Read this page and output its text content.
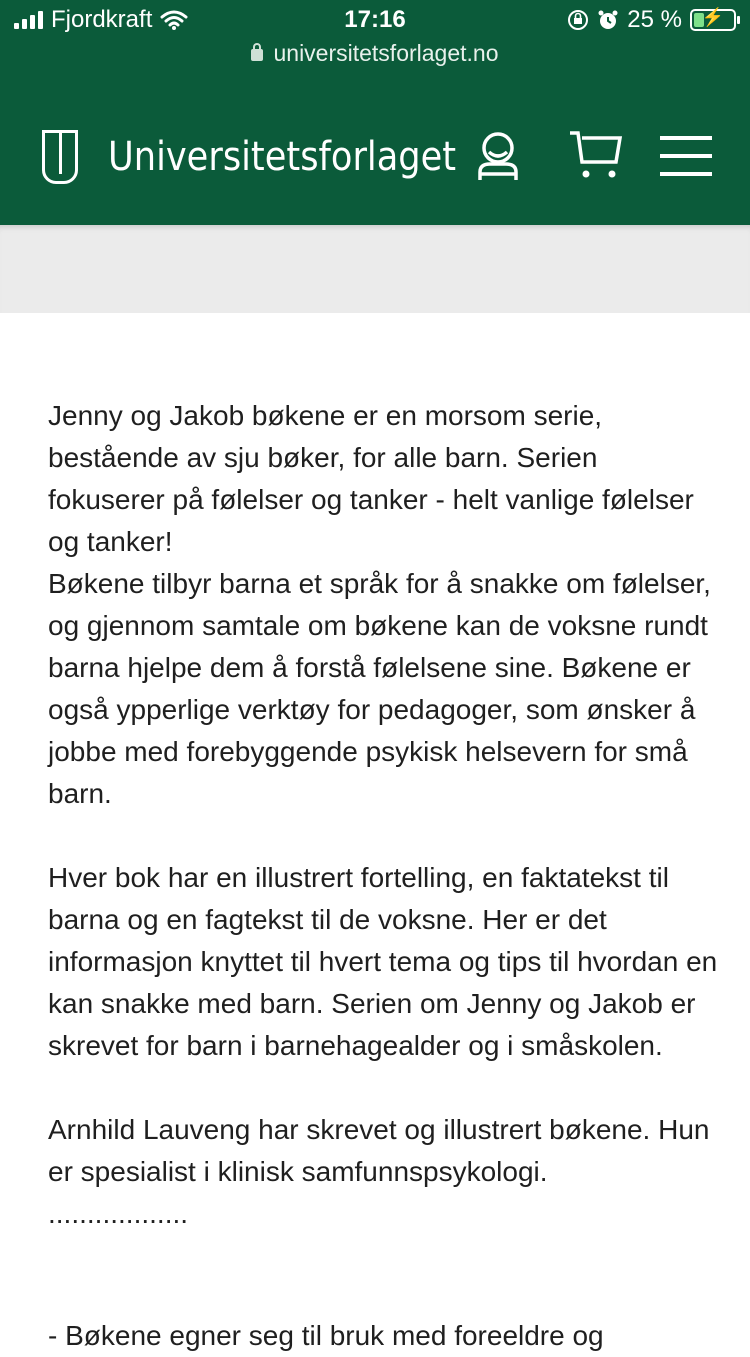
Fjordkraft	17:16	25 %	⚡
universitetsforlaget.no
Universitetsforlaget

Jenny og Jakob bøkene er en morsom serie, bestående av sju bøker, for alle barn. Serien fokuserer på følelser og tanker - helt vanlige følelser og tanker!

Bøkene tilbyr barna et språk for å snakke om følelser, og gjennom samtale om bøkene kan de voksne rundt barna hjelpe dem å forstå følelsene sine. Bøkene er også ypperlige verktøy for pedagoger, som ønsker å jobbe med forebyggende psykisk helsevern for små barn.

Hver bok har en illustrert fortelling, en faktatekst til barna og en fagtekst til de voksne. Her er det informasjon knyttet til hvert tema og tips til hvordan en kan snakke med barn. Serien om Jenny og Jakob er skrevet for barn i barnehagealder og i småskolen.

Arnhild Lauveng har skrevet og illustrert bøkene. Hun er spesialist i klinisk samfunnspsykologi.

..................

- Bøkene egner seg til bruk med foreeldre og
